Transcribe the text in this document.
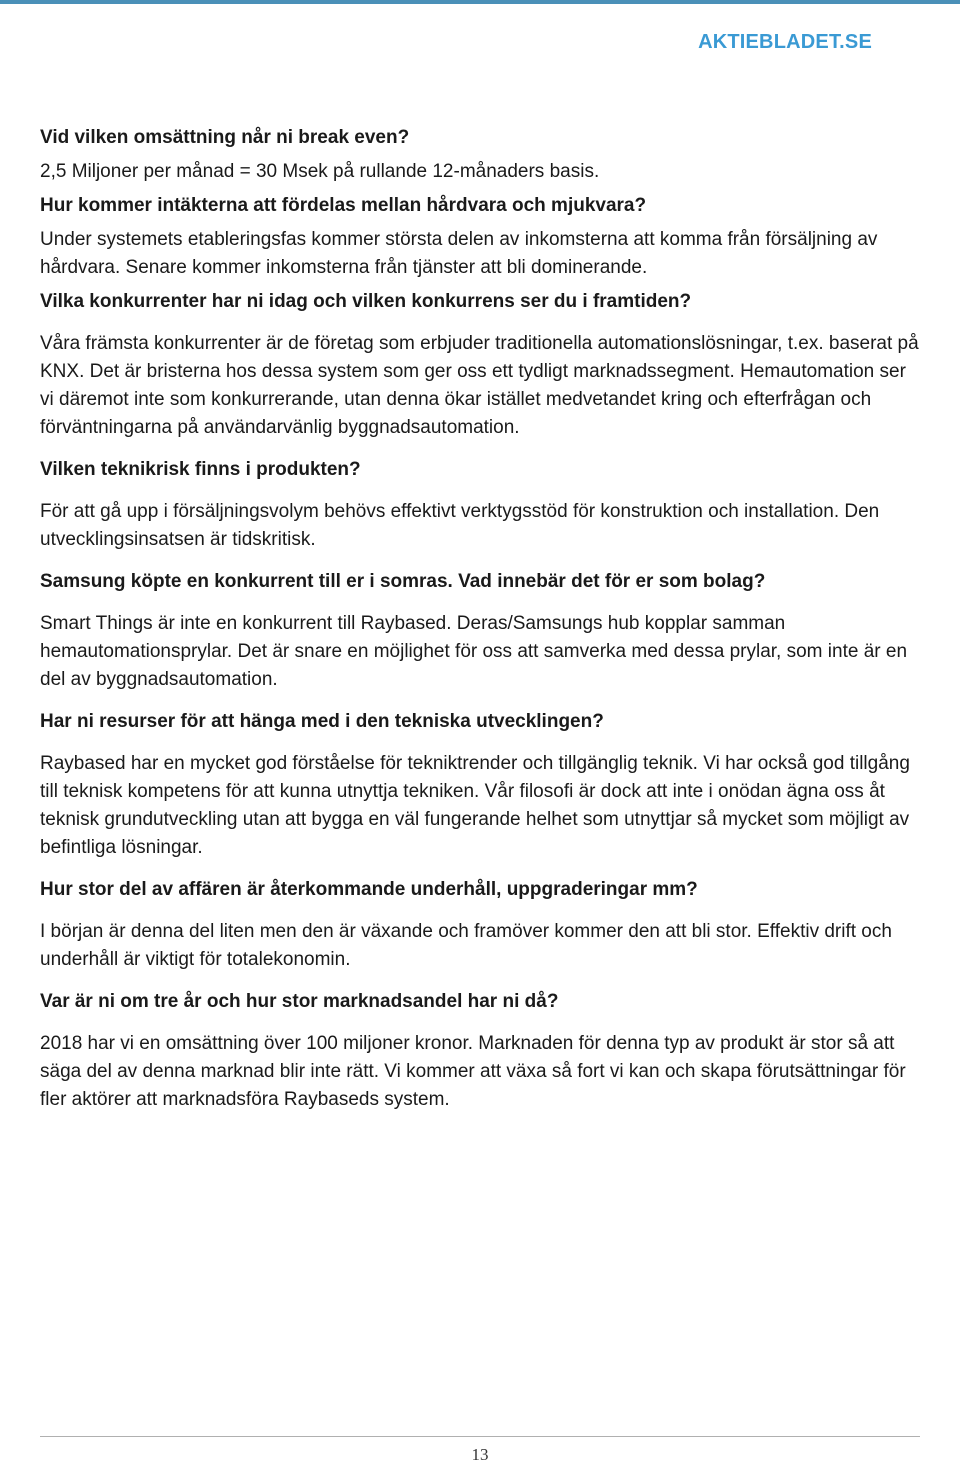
AKTIEBLADET.SE

Vid vilken omsättning når ni break even?

2,5 Miljoner per månad = 30 Msek på rullande 12-månaders basis.

Hur kommer intäkterna att fördelas mellan hårdvara och mjukvara?

Under systemets etableringsfas kommer största delen av inkomsterna att komma från försäljning av hårdvara. Senare kommer inkomsterna från tjänster att bli dominerande.

Vilka konkurrenter har ni idag och vilken konkurrens ser du i framtiden?

Våra främsta konkurrenter är de företag som erbjuder traditionella automationslösningar, t.ex. baserat på KNX. Det är bristerna hos dessa system som ger oss ett tydligt marknadssegment. Hemautomation ser vi däremot inte som konkurrerande, utan denna ökar istället medvetandet kring och efterfrågan och förväntningarna på användarvänlig byggnadsautomation.

Vilken teknikrisk finns i produkten?

För att gå upp i försäljningsvolym behövs effektivt verktygsstöd för konstruktion och installation. Den utvecklingsinsatsen är tidskritisk.

Samsung köpte en konkurrent till er i somras. Vad innebär det för er som bolag?

Smart Things är inte en konkurrent till Raybased. Deras/Samsungs hub kopplar samman hemautomationsprylar. Det är snare en möjlighet för oss att samverka med dessa prylar, som inte är en del av byggnadsautomation.

Har ni resurser för att hänga med i den tekniska utvecklingen?

Raybased har en mycket god förståelse för tekniktrender och tillgänglig teknik. Vi har också god tillgång till teknisk kompetens för att kunna utnyttja tekniken. Vår filosofi är dock att inte i onödan ägna oss åt teknisk grundutveckling utan att bygga en väl fungerande helhet som utnyttjar så mycket som möjligt av befintliga lösningar.

Hur stor del av affären är återkommande underhåll, uppgraderingar mm?

I början är denna del liten men den är växande och framöver kommer den att bli stor. Effektiv drift och underhåll är viktigt för totalekonomin.

Var är ni om tre år och hur stor marknadsandel har ni då?

2018 har vi en omsättning över 100 miljoner kronor. Marknaden för denna typ av produkt är stor så att säga del av denna marknad blir inte rätt. Vi kommer att växa så fort vi kan och skapa förutsättningar för fler aktörer att marknadsföra Raybaseds system.

13
